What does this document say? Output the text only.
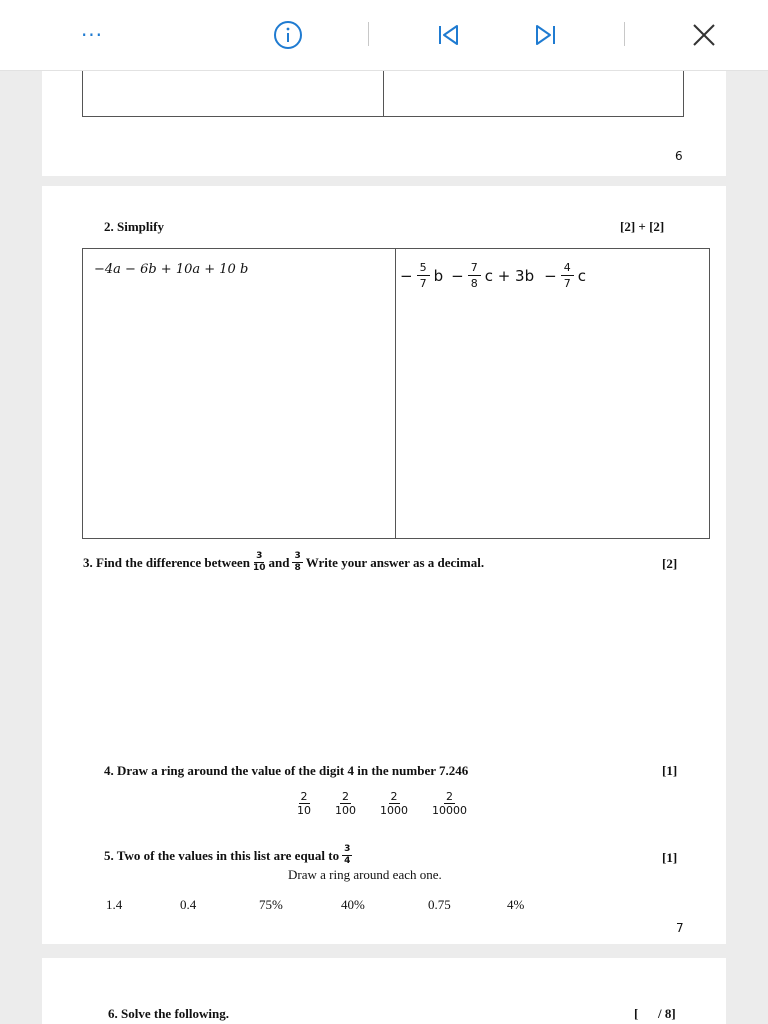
···
6
2. Simplify	[2] + [2]
−4a − 6b + 10a + 10 b	− $\frac{5}{7}$ $b - \frac{7}{8}$ $c + 3b - \frac{4}{7}$ c
3. Find the difference between $\frac{3}{10}$ and $\frac{3}{8}$ Write your answer as a decimal.	[2]
4. Draw a ring around the value of the digit 4 in the number 7.246	[1]
$\frac{2}{10} \frac{2}{100} \frac{2}{1000} \frac{2}{10000}$
5. Two of the values in this list are equal to $\frac{3}{4}$	[1]
Draw a ring around each one.
1.4	0.4	75%	40%	0.75	4%
7
6. Solve the following.	[ / 8]
